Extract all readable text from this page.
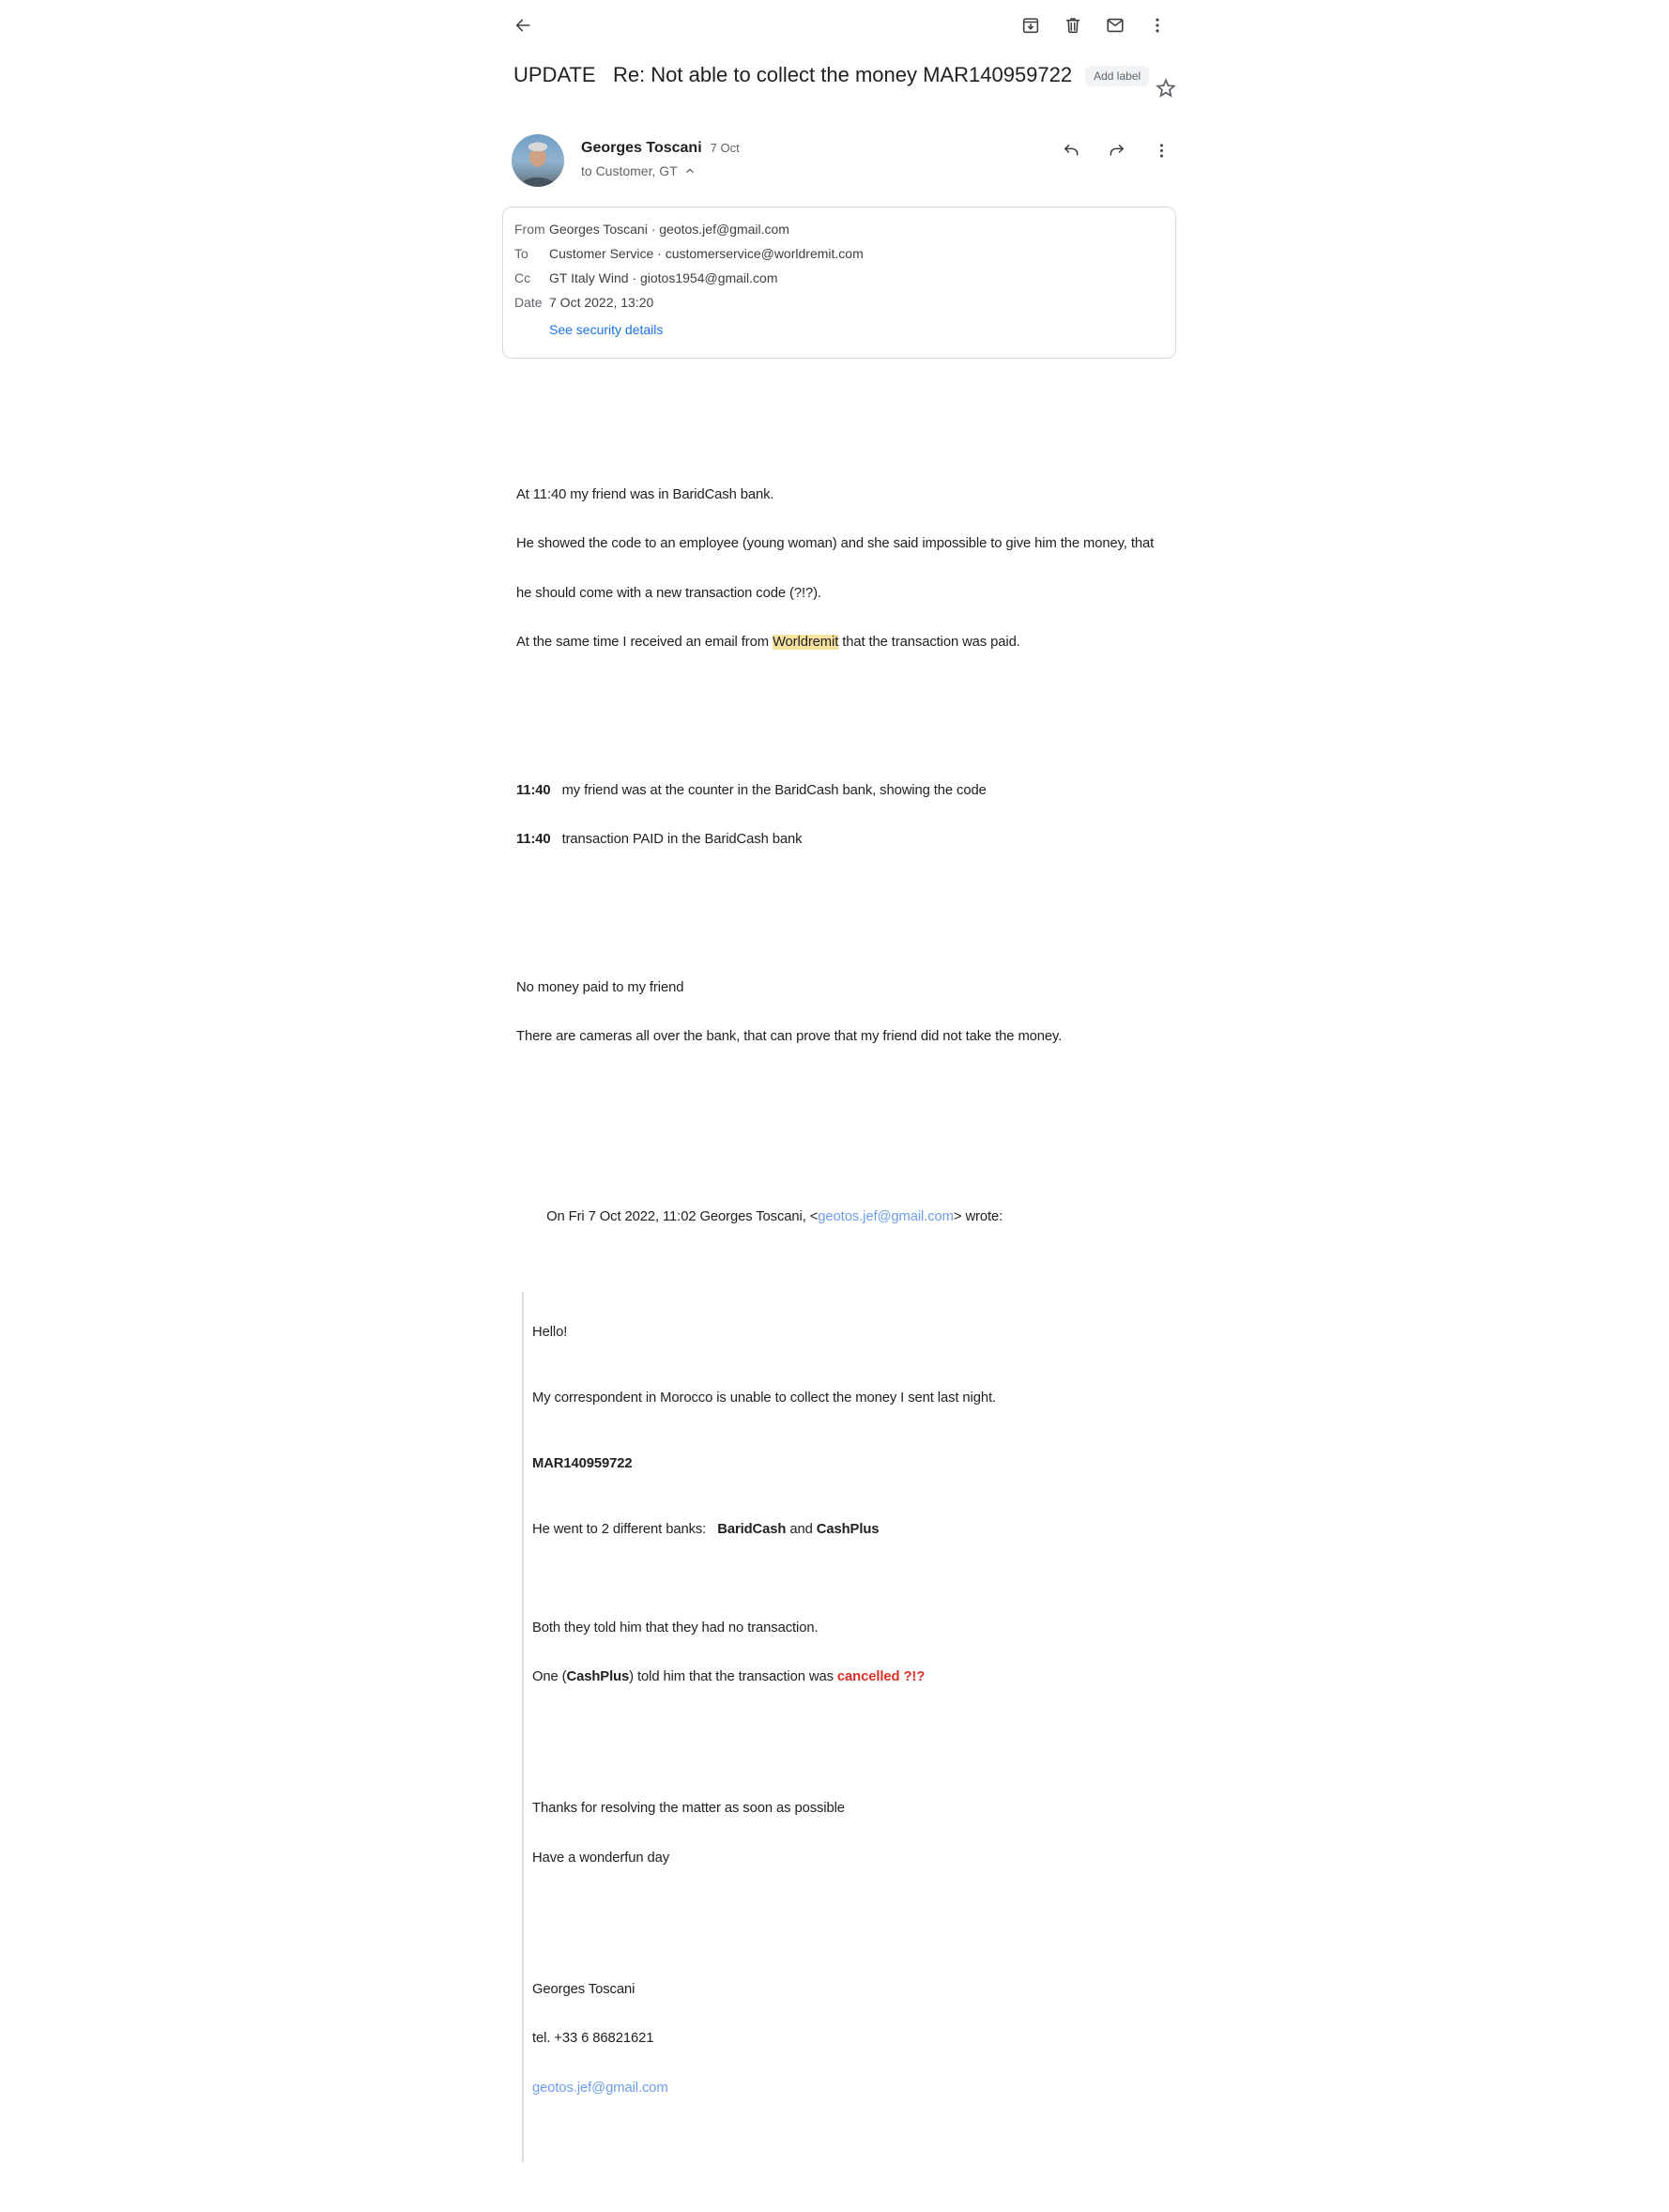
UPDATE   Re: Not able to collect the money MAR140959722	Add label
Georges Toscani 7 Oct
to Customer, GT
From Georges Toscani · geotos.jef@gmail.com
To	Customer Service · customerservice@worldremit.com
Cc	GT Italy Wind · giotos1954@gmail.com
Date 7 Oct 2022, 13:20
See security details

At 11:40 my friend was in BaridCash bank.

He showed the code to an employee (young woman) and she said impossible to give him the money, that

he should come with a new transaction code (?!?).

At the same time I received an email from Worldremit that the transaction was paid.

11:40   my friend was at the counter in the BaridCash bank, showing the code

11:40   transaction PAID in the BaridCash bank

No money paid to my friend

There are cameras all over the bank, that can prove that my friend did not take the money.

On Fri 7 Oct 2022, 11:02 Georges Toscani, <geotos.jef@gmail.com> wrote:

Hello!

My correspondent in Morocco is unable to collect the money I sent last night.

MAR140959722

He went to 2 different banks:   BaridCash and CashPlus

Both they told him that they had no transaction.

One (CashPlus) told him that the transaction was cancelled ?!?

Thanks for resolving the matter as soon as possible

Have a wonderfun day

Georges Toscani

tel. +33 6 86821621

geotos.jef@gmail.com
